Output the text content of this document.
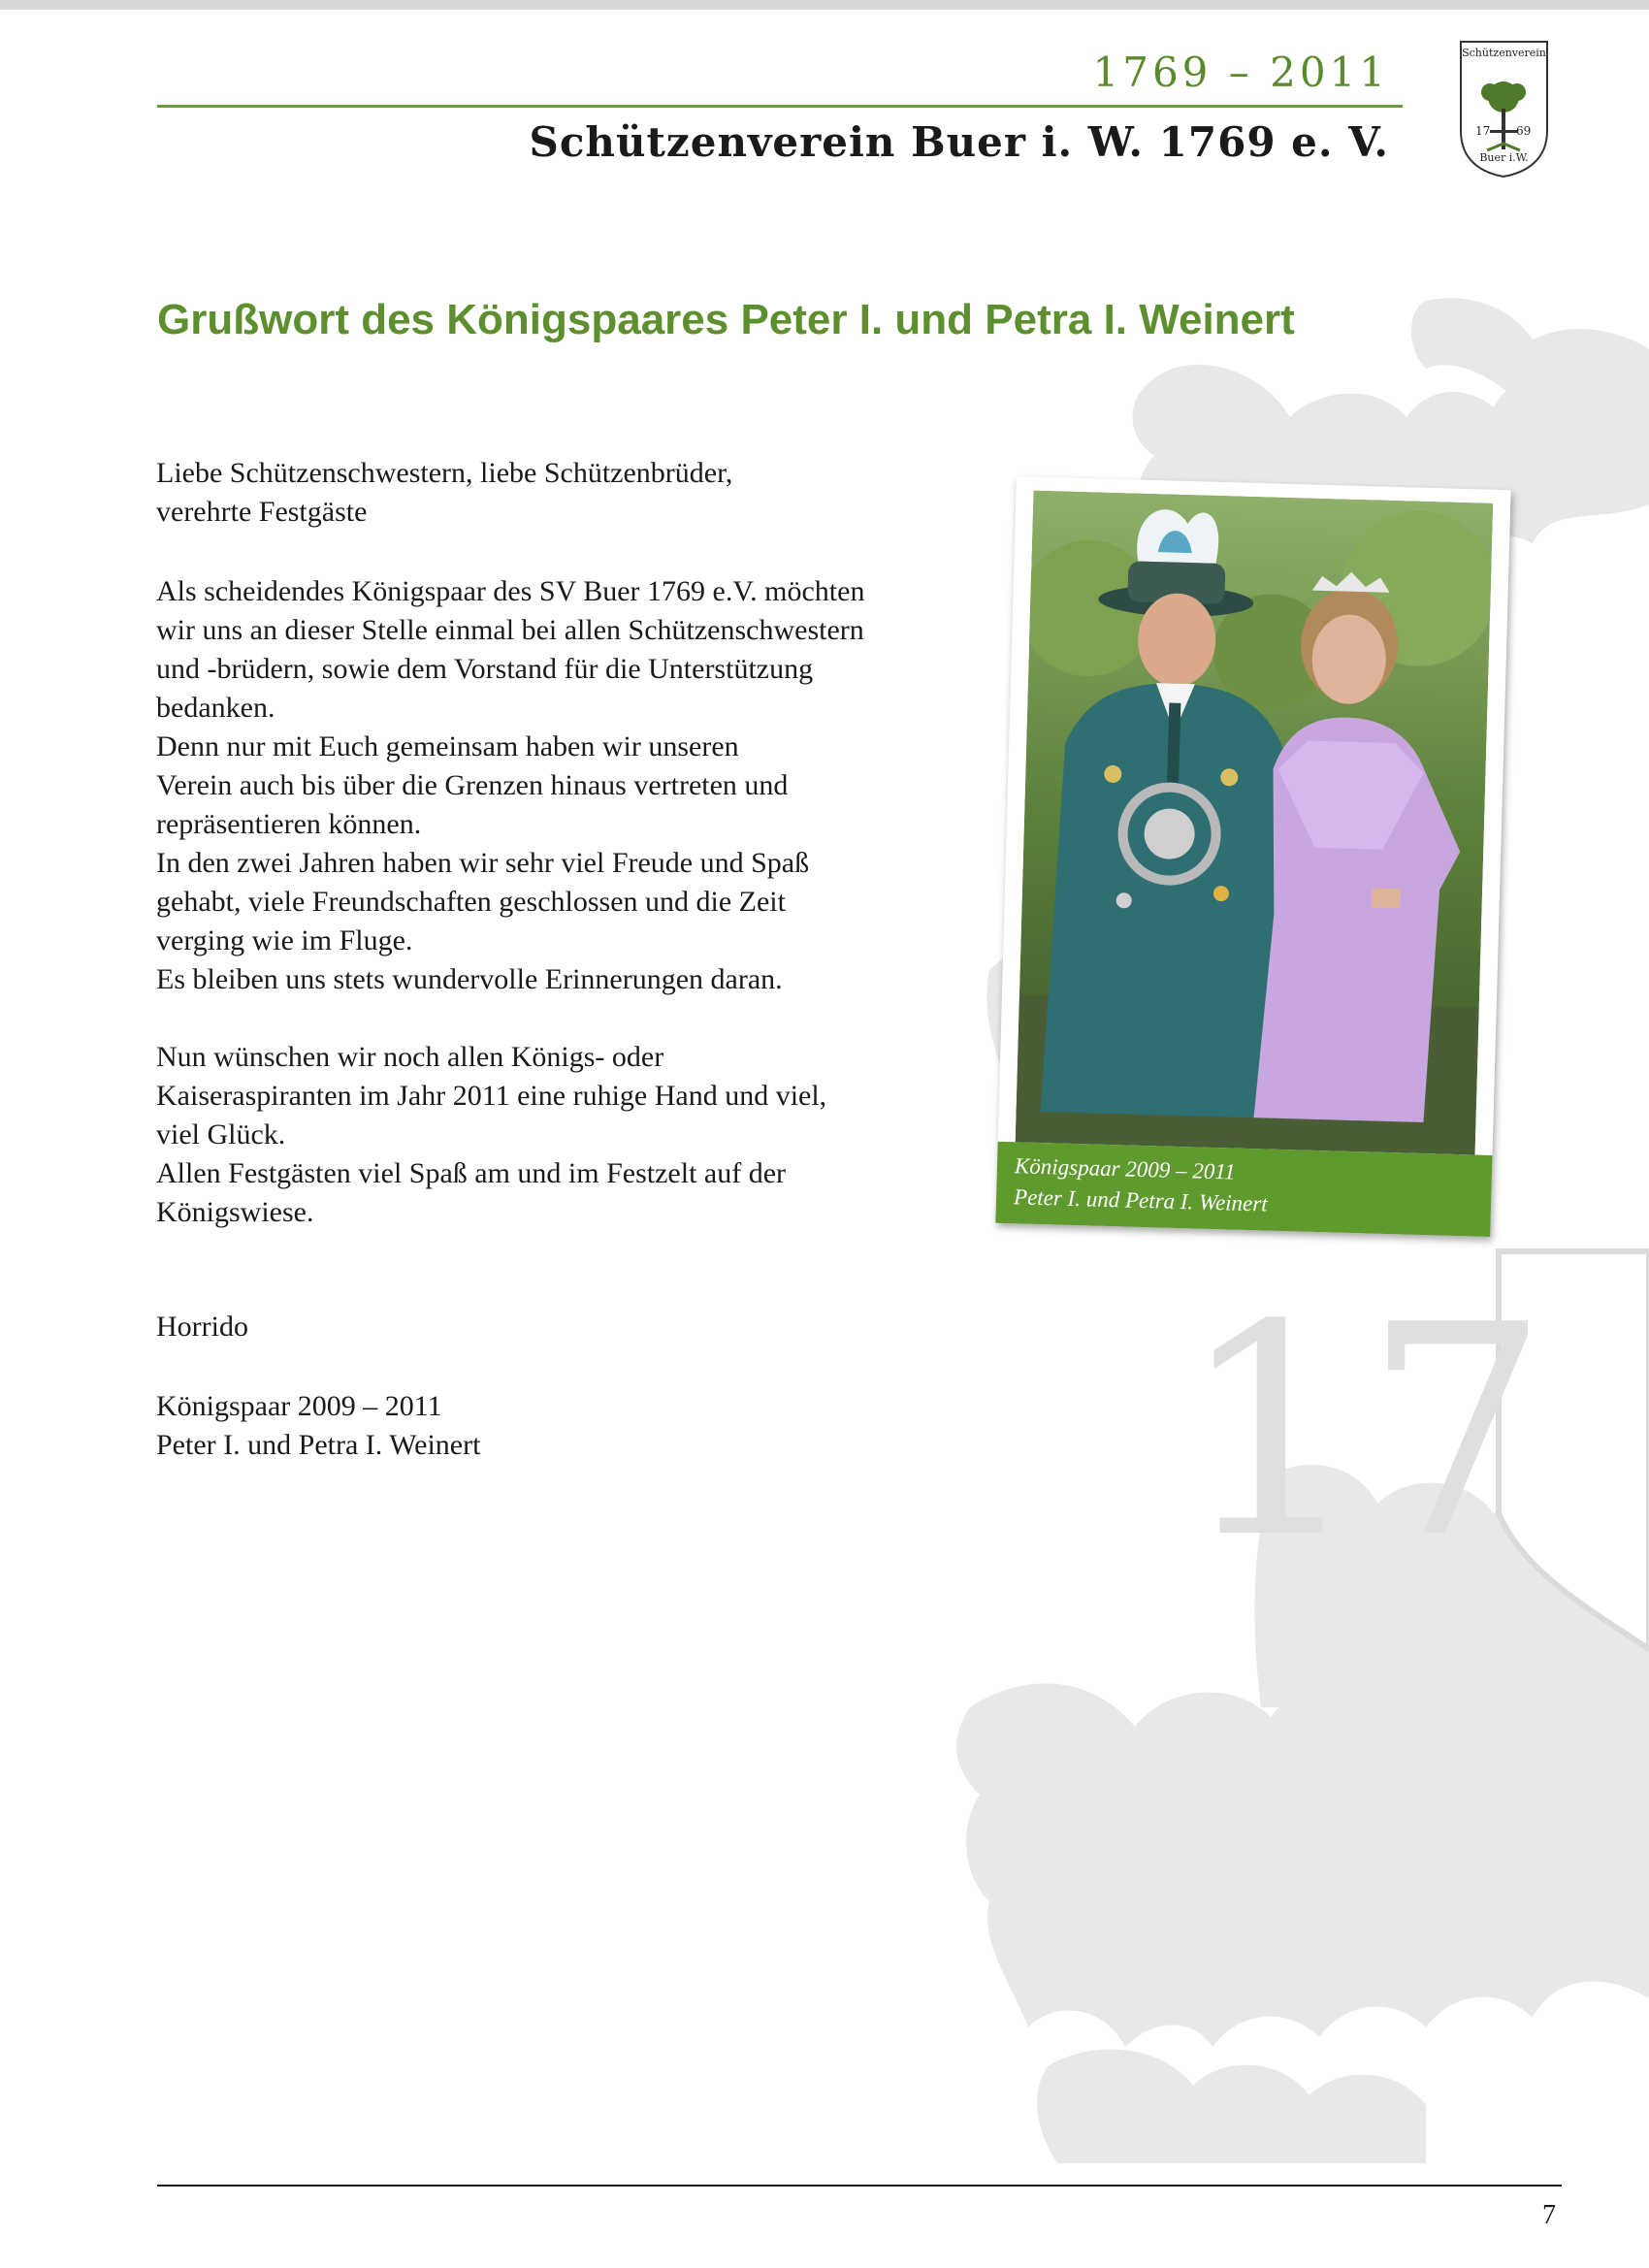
17
1769 – 2011
Schützenverein Buer i. W. 1769 e. V.
Schützenverein
17	69
Buer i.W.
Grußwort des Königspaares Peter I. und Petra I. Weinert

Liebe Schützenschwestern, liebe Schützenbrüder,

verehrte Festgäste

Als scheidendes Königspaar des SV Buer 1769 e.V. möchten

wir uns an dieser Stelle einmal bei allen Schützenschwestern

und -brüdern, sowie dem Vorstand für die Unterstützung

bedanken.

Denn nur mit Euch gemeinsam haben wir unseren

Verein auch bis über die Grenzen hinaus vertreten und

repräsentieren können.

In den zwei Jahren haben wir sehr viel Freude und Spaß

gehabt, viele Freundschaften geschlossen und die Zeit

verging wie im Fluge.

Es bleiben uns stets wundervolle Erinnerungen daran.

Nun wünschen wir noch allen Königs- oder

Kaiseraspiranten im Jahr 2011 eine ruhige Hand und viel,

viel Glück.

Allen Festgästen viel Spaß am und im Festzelt auf der

Königswiese.

Horrido

Königspaar 2009 – 2011

Peter I. und Petra I. Weinert

Königspaar 2009 – 2011
Peter I. und Petra I. Weinert
7
